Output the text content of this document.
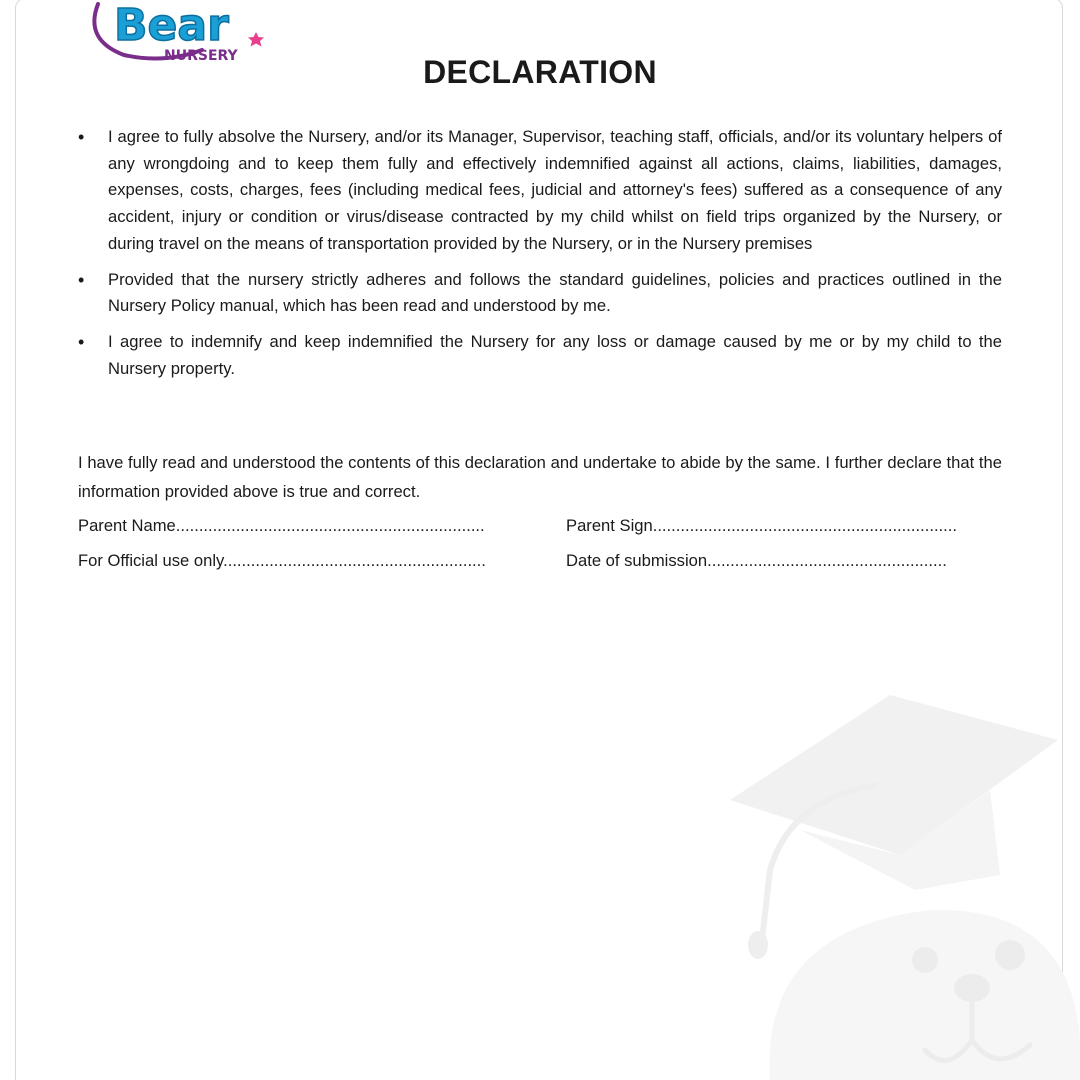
Bear
NURSERY	DECLARATION
• I agree to fully absolve the Nursery, and/or its Manager, Supervisor, teaching staff, officials, and/or its voluntary helpers of any wrongdoing and to keep them fully and effectively indemnified against all actions, claims, liabilities, damages, expenses, costs, charges, fees (including medical fees, judicial and attorney's fees) suffered as a consequence of any accident, injury or condition or virus/disease contracted by my child whilst on field trips organized by the Nursery, or during travel on the means of transportation provided by the Nursery, or in the Nursery premises
• Provided that the nursery strictly adheres and follows the standard guidelines, policies and practices outlined in the Nursery Policy manual, which has been read and understood by me.
• I agree to indemnify and keep indemnified the Nursery for any loss or damage caused by me or by my child to the Nursery property.

I have fully read and understood the contents of this declaration and undertake to abide by the same. I further declare that the information provided above is true and correct.

Parent Name...................................................................	Parent Sign..................................................................
For Official use only.........................................................	Date of submission....................................................
